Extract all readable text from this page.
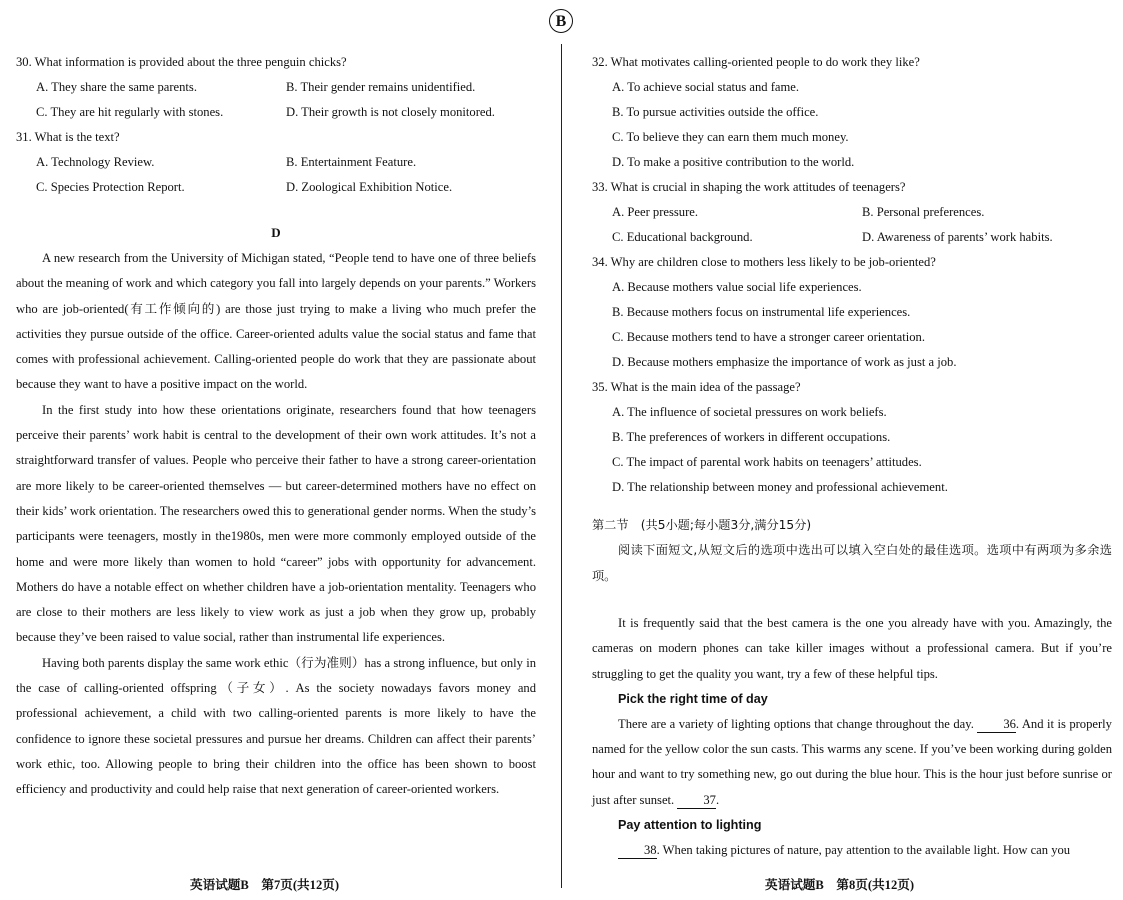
B
30. What information is provided about the three penguin chicks?
A. They share the same parents.	B. Their gender remains unidentified.
C. They are hit regularly with stones.	D. Their growth is not closely monitored.
31. What is the text?
A. Technology Review.	B. Entertainment Feature.
C. Species Protection Report.	D. Zoological Exhibition Notice.
D

A new research from the University of Michigan stated, “People tend to have one of three beliefs about the meaning of work and which category you fall into largely depends on your parents.” Workers who are job-oriented(有工作倾向的) are those just trying to make a living who much prefer the activities they pursue outside of the office. Career-oriented adults value the social status and fame that comes with professional achievement. Calling-oriented people do work that they are passionate about because they want to have a positive impact on the world.

In the first study into how these orientations originate, researchers found that how teenagers perceive their parents’ work habit is central to the development of their own work attitudes. It’s not a straightforward transfer of values. People who perceive their father to have a strong career-orientation are more likely to be career-oriented themselves — but career-determined mothers have no effect on their kids’ work orientation. The researchers owed this to generational gender norms. When the study’s participants were teenagers, mostly in the1980s, men were more commonly employed outside of the home and were more likely than women to hold “career” jobs with opportunity for advancement. Mothers do have a notable effect on whether children have a job-orientation mentality. Teenagers who are close to their mothers are less likely to view work as just a job when they grow up, probably because they’ve been raised to value social, rather than instrumental life experiences.

Having both parents display the same work ethic（行为准则）has a strong influence, but only in the case of calling-oriented offspring（子女）. As the society nowadays favors money and professional achievement, a child with two calling-oriented parents is more likely to have the confidence to ignore these societal pressures and pursue her dreams. Children can affect their parents’ work ethic, too. Allowing people to bring their children into the office has been shown to boost efficiency and productivity and could help raise that next generation of career-oriented workers.

32. What motivates calling-oriented people to do work they like?
A. To achieve social status and fame.
B. To pursue activities outside the office.
C. To believe they can earn them much money.
D. To make a positive contribution to the world.
33. What is crucial in shaping the work attitudes of teenagers?
A. Peer pressure.	B. Personal preferences.
C. Educational background.	D. Awareness of parents’ work habits.
34. Why are children close to mothers less likely to be job-oriented?
A. Because mothers value social life experiences.
B. Because mothers focus on instrumental life experiences.
C. Because mothers tend to have a stronger career orientation.
D. Because mothers emphasize the importance of work as just a job.
35. What is the main idea of the passage?
A. The influence of societal pressures on work beliefs.
B. The preferences of workers in different occupations.
C. The impact of parental work habits on teenagers’ attitudes.
D. The relationship between money and professional achievement.
第二节　(共5小题;每小题3分,满分15分)

阅读下面短文,从短文后的选项中选出可以填入空白处的最佳选项。选项中有两项为多余选项。

It is frequently said that the best camera is the one you already have with you. Amazingly, the cameras on modern phones can take killer images without a professional camera. But if you’re struggling to get the quality you want, try a few of these helpful tips.

Pick the right time of day

There are a variety of lighting options that change throughout the day. 36. And it is properly named for the yellow color the sun casts. This warms any scene. If you’ve been working during golden hour and want to try something new, go out during the blue hour. This is the hour just before sunrise or just after sunset. 37.

Pay attention to lighting

38. When taking pictures of nature, pay attention to the available light. How can you

英语试题B　第7页(共12页)	英语试题B　第8页(共12页)
